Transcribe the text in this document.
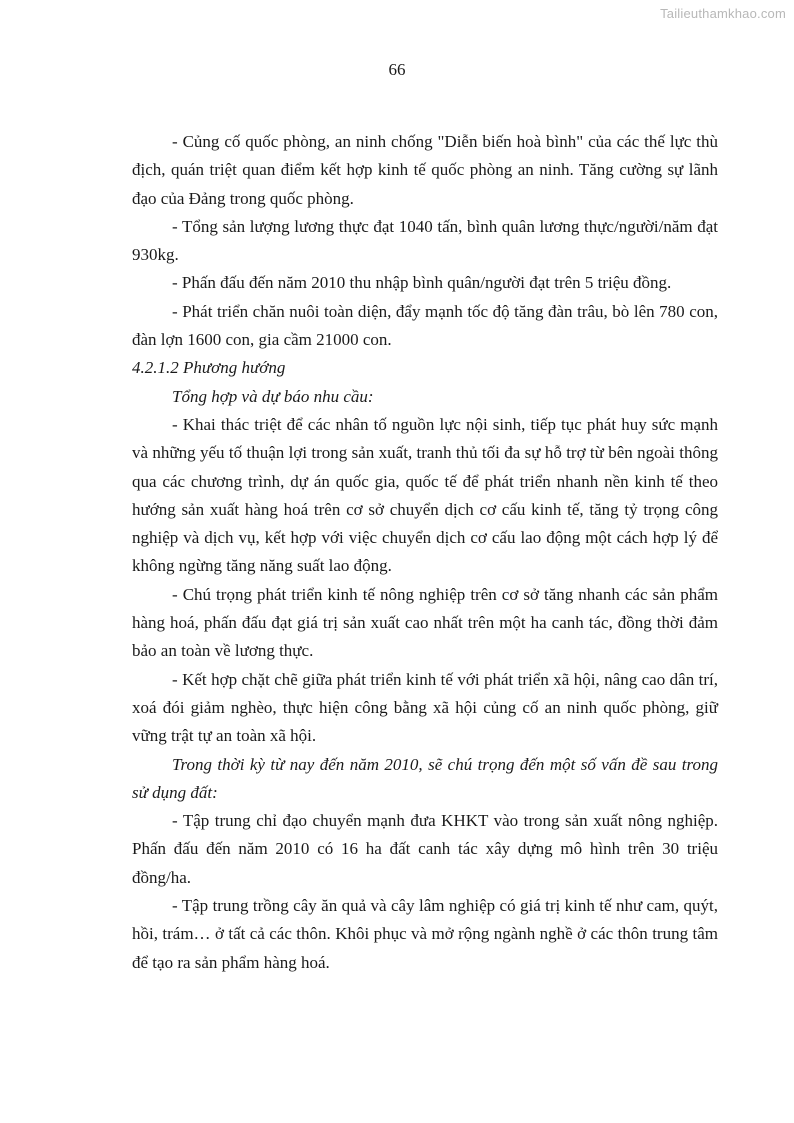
Tailieuthamkhao.com
66

- Củng cố quốc phòng, an ninh chống "Diễn biến hoà bình" của các thế lực thù địch, quán triệt quan điểm kết hợp kinh tế quốc phòng an ninh. Tăng cường sự lãnh đạo của Đảng trong quốc phòng.

- Tổng sản lượng lương thực đạt 1040 tấn, bình quân lương thực/người/năm đạt 930kg.

- Phấn đấu đến năm 2010 thu nhập bình quân/người đạt trên 5 triệu đồng.

- Phát triển chăn nuôi toàn diện, đẩy mạnh tốc độ tăng đàn trâu, bò lên 780 con, đàn lợn 1600 con, gia cầm 21000 con.

4.2.1.2 Phương hướng

Tổng hợp và dự báo nhu cầu:

- Khai thác triệt để các nhân tố nguồn lực nội sinh, tiếp tục phát huy sức mạnh và những yếu tố thuận lợi trong sản xuất, tranh thủ tối đa sự hỗ trợ từ bên ngoài thông qua các chương trình, dự án quốc gia, quốc tế để phát triển nhanh nền kinh tế theo hướng sản xuất hàng hoá trên cơ sở chuyển dịch cơ cấu kinh tế, tăng tỷ trọng công nghiệp và dịch vụ, kết hợp với việc chuyển dịch cơ cấu lao động một cách hợp lý để không ngừng tăng năng suất lao động.

- Chú trọng phát triển kinh tế nông nghiệp trên cơ sở tăng nhanh các sản phẩm hàng hoá, phấn đấu đạt giá trị sản xuất cao nhất trên một ha canh tác, đồng thời đảm bảo an toàn về lương thực.

- Kết hợp chặt chẽ giữa phát triển kinh tế với phát triển xã hội, nâng cao dân trí, xoá đói giảm nghèo, thực hiện công bằng xã hội củng cố an ninh quốc phòng, giữ vững trật tự an toàn xã hội.

Trong thời kỳ từ nay đến năm 2010, sẽ chú trọng đến một số vấn đề sau trong sử dụng đất:

- Tập trung chỉ đạo chuyển mạnh đưa KHKT vào trong sản xuất nông nghiệp. Phấn đấu đến năm 2010 có 16 ha đất canh tác xây dựng mô hình trên 30 triệu đồng/ha.

- Tập trung trồng cây ăn quả và cây lâm nghiệp có giá trị kinh tế như cam, quýt, hồi, trám… ở tất cả các thôn. Khôi phục và mở rộng ngành nghề ở các thôn trung tâm để tạo ra sản phẩm hàng hoá.
